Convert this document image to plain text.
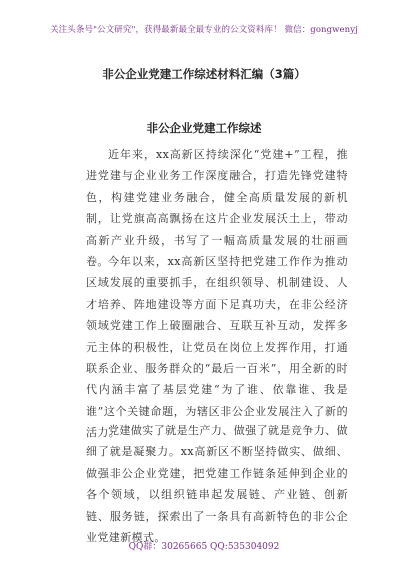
关注头条号"公文研究"，获得最新最全最专业的公文资料库！ 微信：gongwenyj
非公企业党建工作综述材料汇编（3篇）
非公企业党建工作综述

近年来，xx高新区持续深化“党建+”工程，推进党建与企业业务工作深度融合，打造先锋党建特色，构建党建业务融合，健全高质量发展的新机制，让党旗高高飘扬在这片企业发展沃土上，带动高新产业升级，书写了一幅高质量发展的壮丽画卷。 今年以来，xx高新区坚持把党建工作作为推动区域发展的重要抓手，在组织领导、机制建设、人才培养、阵地建设等方面下足真功夫，在非公经济领域党建工作上破圈融合、互联互补互动，发挥多元主体的积极性，让党员在岗位上发挥作用，打通联系企业、服务群众的“最后一百米”，用全新的时代内涵丰富了基层党建“为了谁、依靠谁、我是谁”这个关键命题，为辖区非公企业发展注入了新的活力。

党建做实了就是生产力、做强了就是竞争力、做细了就是凝聚力。xx高新区不断坚持做实、做细、做强非公企业党建，把党建工作链条延伸到企业的各个领域，以组织链串起发展链、产业链、创新链、服务链，探索出了一条具有高新特色的非公企业党建新模式。

QQ群：30265665 QQ:535304092
